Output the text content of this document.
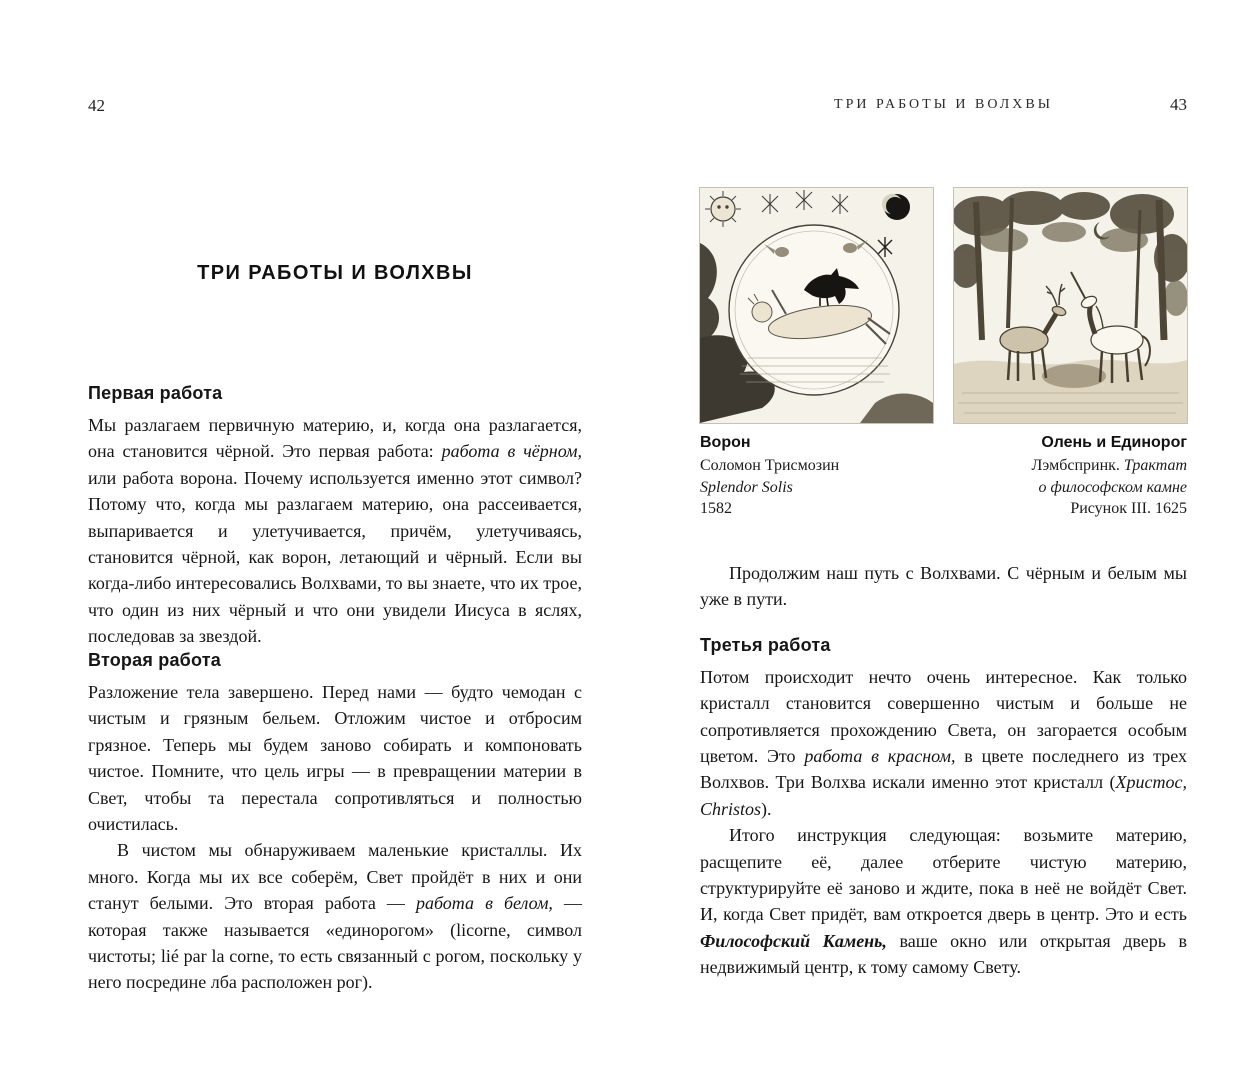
42
ТРИ РАБОТЫ И ВОЛХВЫ
Первая работа

Мы разлагаем первичную материю, и, когда она разлагается, она становится чёрной. Это первая работа: работа в чёрном, или работа ворона. Почему используется именно этот символ? Потому что, когда мы разлагаем материю, она рассеивается, выпаривается и улетучивается, причём, улетучиваясь, становится чёрной, как ворон, летающий и чёрный. Если вы когда-либо интересовались Волхвами, то вы знаете, что их трое, что один из них чёрный и что они увидели Иисуса в яслях, последовав за звездой.

Вторая работа

Разложение тела завершено. Перед нами — будто чемодан с чистым и грязным бельем. Отложим чистое и отбросим грязное. Теперь мы будем заново собирать и компоновать чистое. Помните, что цель игры — в превращении материи в Свет, чтобы та перестала сопротивляться и полностью очистилась.

В чистом мы обнаруживаем маленькие кристаллы. Их много. Когда мы их все соберём, Свет пройдёт в них и они станут белыми. Это вторая работа — работа в белом, — которая также называется «единорогом» (licorne, символ чистоты; lié par la corne, то есть связанный с рогом, поскольку у него посредине лба расположен рог).

ТРИ РАБОТЫ И ВОЛХВЫ	43
Ворон
Соломон Трисмозин
Splendor Solis
1582
Олень и Единорог
Лэмбспринк. Трактат
о философском камне
Рисунок III. 1625

Продолжим наш путь с Волхвами. С чёрным и белым мы уже в пути.

Третья работа

Потом происходит нечто очень интересное. Как только кристалл становится совершенно чистым и больше не сопротивляется прохождению Света, он загорается особым цветом. Это работа в красном, в цвете последнего из трех Волхвов. Три Волхва искали именно этот кристалл (Христос, Christos).

Итого инструкция следующая: возьмите материю, расщепите её, далее отберите чистую материю, структурируйте её заново и ждите, пока в неё не войдёт Свет. И, когда Свет придёт, вам откроется дверь в центр. Это и есть Философский Камень, ваше окно или открытая дверь в недвижимый центр, к тому самому Свету.
